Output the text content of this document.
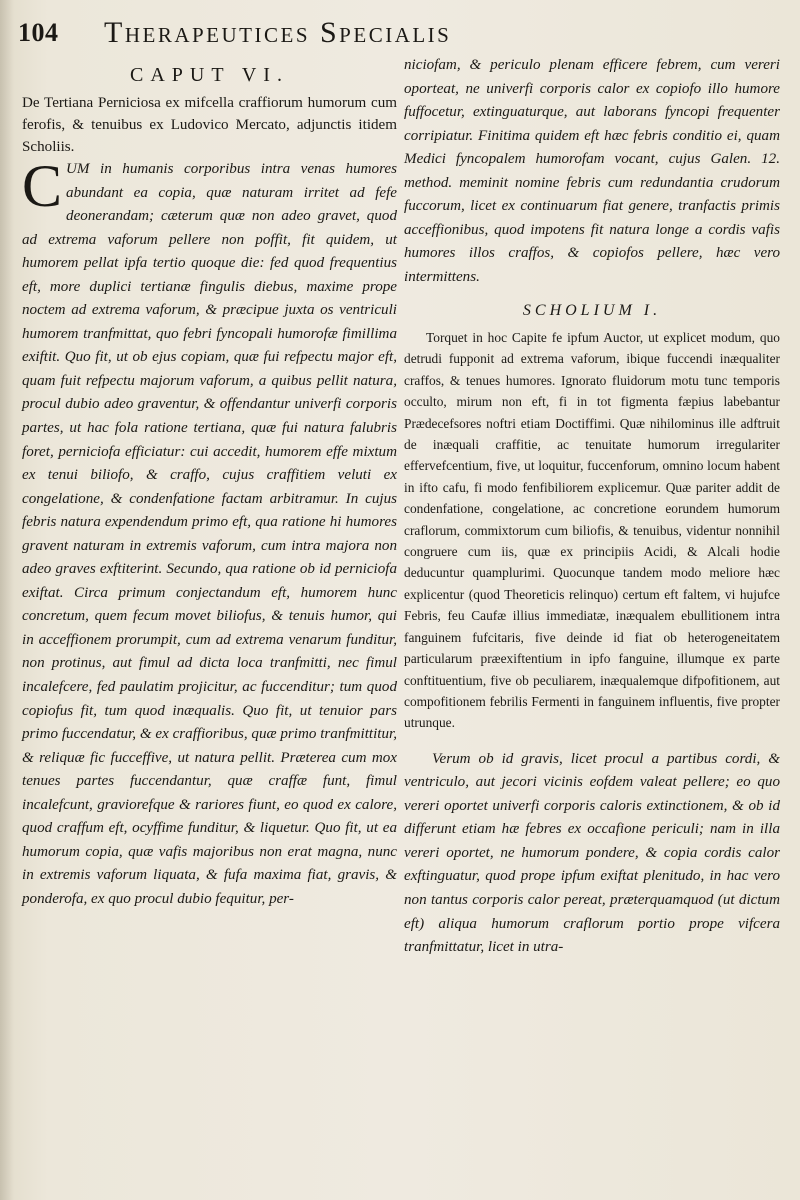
104 Therapeutices Specialis
CAPUT VI.

De Tertiana Perniciosa ex mifcella craffiorum humorum cum ferofis, & tenuibus ex Ludovico Mercato, adjunctis itidem Scholiis.

CUM in humanis corporibus intra venas humores abundant ea copia, quæ naturam irritet ad fefe deonerandam; cæterum quæ non adeo gravet, quod ad extrema vaforum pellere non poffit, fit quidem, ut humorem pellat ipfa tertio quoque die: fed quod frequentius eft, more duplici tertianæ fingulis diebus, maxime prope noctem ad extrema vaforum, & præcipue juxta os ventriculi humorem tranfmittat, quo febri fyncopali humorofæ fimillima exiftit. Quo fit, ut ob ejus copiam, quæ fui refpectu major eft, quam fuit refpectu majorum vaforum, a quibus pellit natura, procul dubio adeo graventur, & offendantur univerfi corporis partes, ut hac fola ratione tertiana, quæ fui natura falubris foret, perniciofa efficiatur: cui accedit, humorem effe mixtum ex tenui biliofo, & craffo, cujus craffitiem veluti ex congelatione, & condenfatione factam arbitramur. In cujus febris natura expendendum primo eft, qua ratione hi humores gravent naturam in extremis vaforum, cum intra majora non adeo graves exftiterint. Secundo, qua ratione ob id perniciofa exiftat. Circa primum conjectandum eft, humorem hunc concretum, quem fecum movet biliofus, & tenuis humor, qui in acceffionem prorumpit, cum ad extrema venarum funditur, non protinus, aut fimul ad dicta loca tranfmitti, nec fimul incalefcere, fed paulatim projicitur, ac fuccenditur; tum quod copiofus fit, tum quod inæqualis. Quo fit, ut tenuior pars primo fuccendatur, & ex craffioribus, quæ primo tranfmittitur, & reliquæ fic fucceffive, ut natura pellit. Præterea cum mox tenues partes fuccendantur, quæ craffæ funt, fimul incalefcunt, graviorefque & rariores fiunt, eo quod ex calore, quod craffum eft, ocyffime funditur, & liquetur. Quo fit, ut ea humorum copia, quæ vafis majoribus non erat magna, nunc in extremis vaforum liquata, & fufa maxima fiat, gravis, & ponderofa, ex quo procul dubio fequitur, per-

niciofam, & periculo plenam efficere febrem, cum vereri oporteat, ne univerfi corporis calor ex copiofo illo humore fuffocetur, extinguaturque, aut laborans fyncopi frequenter corripiatur. Finitima quidem eft hæc febris conditio ei, quam Medici fyncopalem humorofam vocant, cujus Galen. 12. method. meminit nomine febris cum redundantia crudorum fuccorum, licet ex continuarum fiat genere, tranfactis primis acceffionibus, quod impotens fit natura longe a cordis vafis humores illos craffos, & copiofos pellere, hæc vero intermittens.

SCHOLIUM I.

Torquet in hoc Capite fe ipfum Auctor, ut explicet modum, quo detrudi fupponit ad extrema vaforum, ibique fuccendi inæqualiter craffos, & tenues humores. Ignorato fluidorum motu tunc temporis occulto, mirum non eft, fi in tot figmenta fæpius labebantur Prædecefsores noftri etiam Doctiffimi. Quæ nihilominus ille adftruit de inæquali craffitie, ac tenuitate humorum irregulariter effervefcentium, five, ut loquitur, fuccenforum, omnino locum habent in ifto cafu, fi modo fenfibiliorem explicemur. Quæ pariter addit de condenfatione, congelatione, ac concretione eorundem humorum craflorum, commixtorum cum biliofis, & tenuibus, videntur nonnihil congruere cum iis, quæ ex principiis Acidi, & Alcali hodie deducuntur quamplurimi. Quocunque tandem modo meliore hæc explicentur (quod Theoreticis relinquo) certum eft faltem, vi hujufce Febris, feu Caufæ illius immediatæ, inæqualem ebullitionem intra fanguinem fufcitaris, five deinde id fiat ob heterogeneitatem particularum præexiftentium in ipfo fanguine, illumque ex parte conftituentium, five ob peculiarem, inæqualemque difpofitionem, aut compofitionem febrilis Fermenti in fanguinem influentis, five propter utrunque.

Verum ob id gravis, licet procul a partibus cordi, & ventriculo, aut jecori vicinis eofdem valeat pellere; eo quo vereri oportet univerfi corporis caloris extinctionem, & ob id differunt etiam hæ febres ex occafione periculi; nam in illa vereri oportet, ne humorum pondere, & copia cordis calor exftinguatur, quod prope ipfum exiftat plenitudo, in hac vero non tantus corporis calor pereat, præterquamquod (ut dictum eft) aliqua humorum craflorum portio prope vifcera tranfmittatur, licet in utra-
